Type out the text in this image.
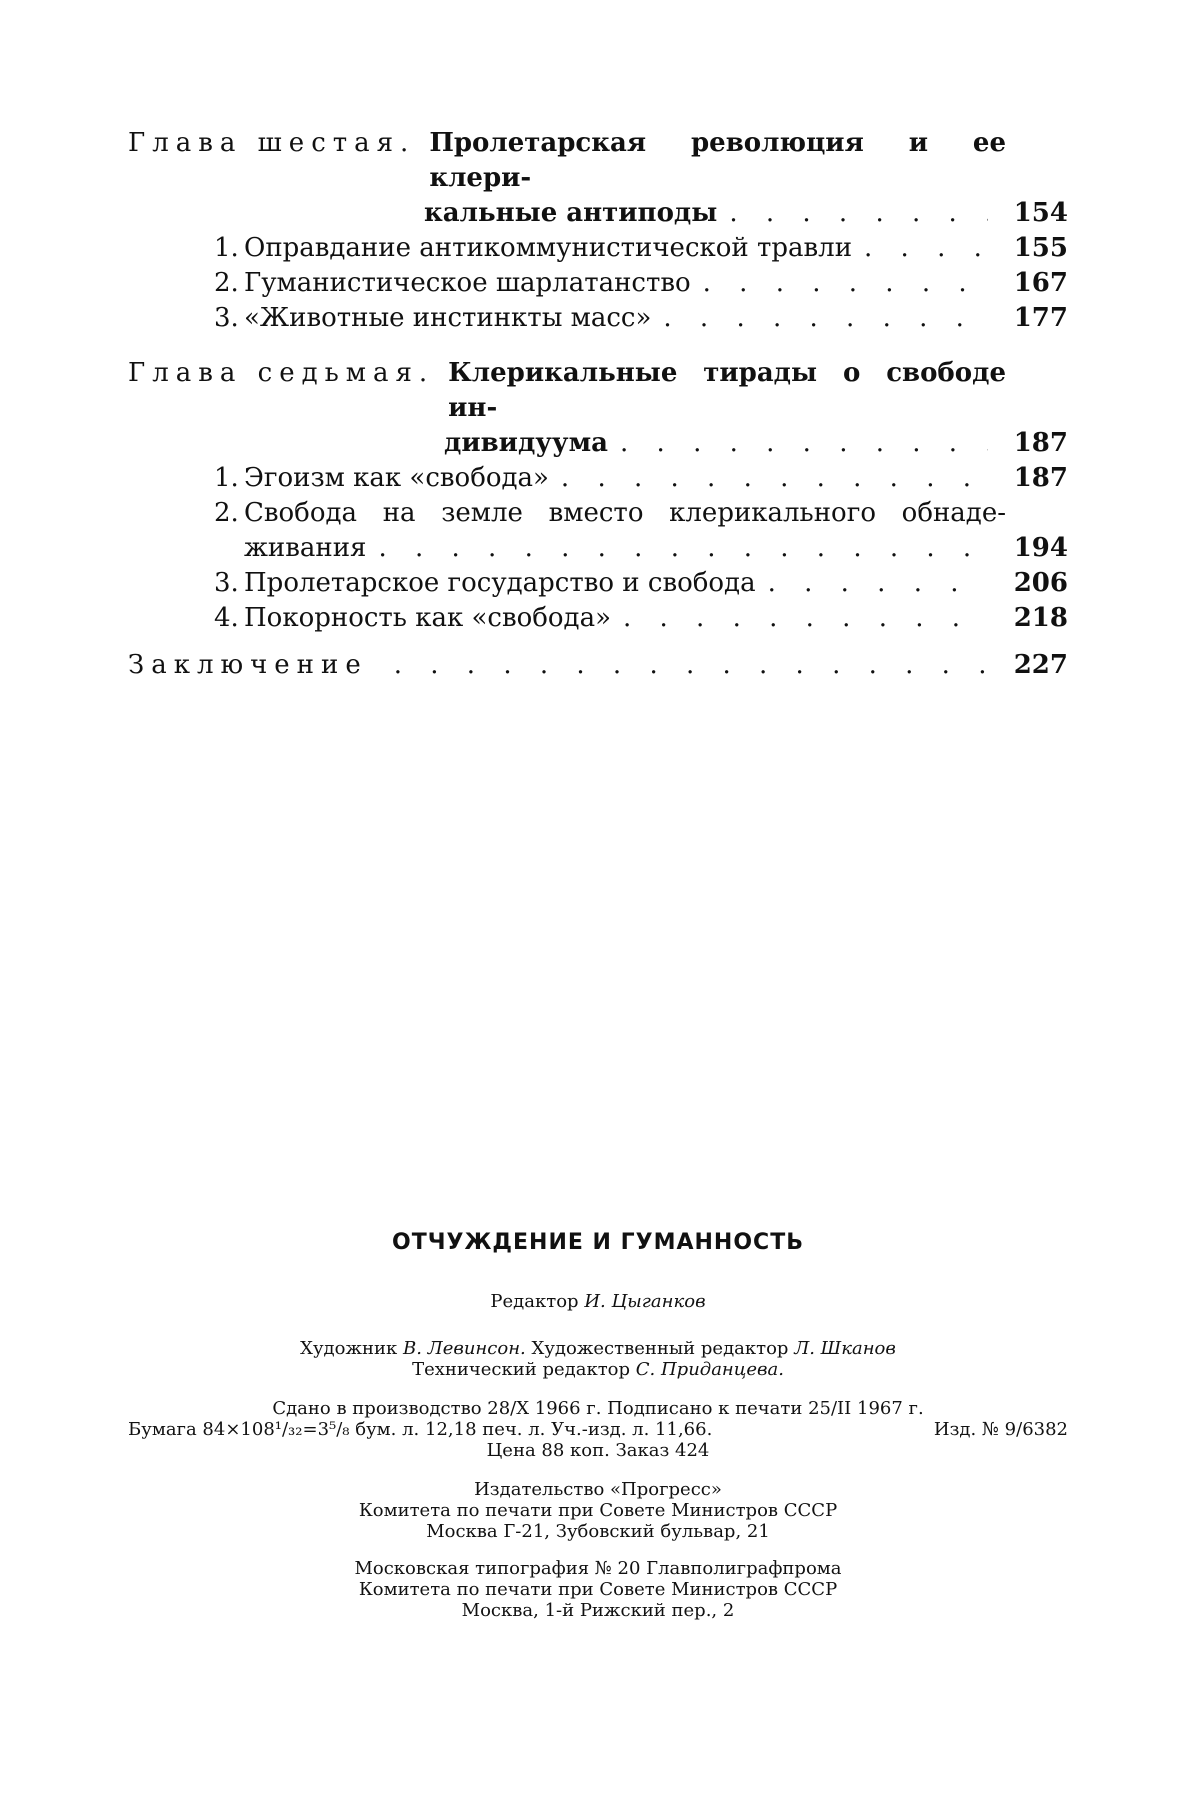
Глава шестая. Пролетарская революция и ее клери-
кальные антиподы . . .	154
1. Оправдание антикоммунистической травли . . .	155
2. Гуманистическое шарлатанство . . .	167
3. «Животные инстинкты масс» . . .	177
Глава седьмая. Клерикальные тирады о свободе ин-
дивидуума . . .	187
1. Эгоизм как «свобода» . . .	187
2. Свобода на земле вместо клерикального обнаде-
живания . . .	194
3. Пролетарское государство и свобода . . .	206
4. Покорность как «свобода» . . .	218
Заключение . . .	227
ОТЧУЖДЕНИЕ И ГУМАННОСТЬ
Редактор И. Цыганков
Художник В. Левинсон. Художественный редактор Л. Шканов
Технический редактор С. Приданцева.
Сдано в производство 28/X 1966 г. Подписано к печати 25/II 1967 г.
Бумага 84×108¹/₃₂=3⁵/₈ бум. л. 12,18 печ. л. Уч.-изд. л. 11,66.	Изд. № 9/6382
Цена 88 коп. Заказ 424
Издательство «Прогресс»
Комитета по печати при Совете Министров СССР
Москва Г-21, Зубовский бульвар, 21
Московская типография № 20 Главполиграфпрома
Комитета по печати при Совете Министров СССР
Москва, 1-й Рижский пер., 2
